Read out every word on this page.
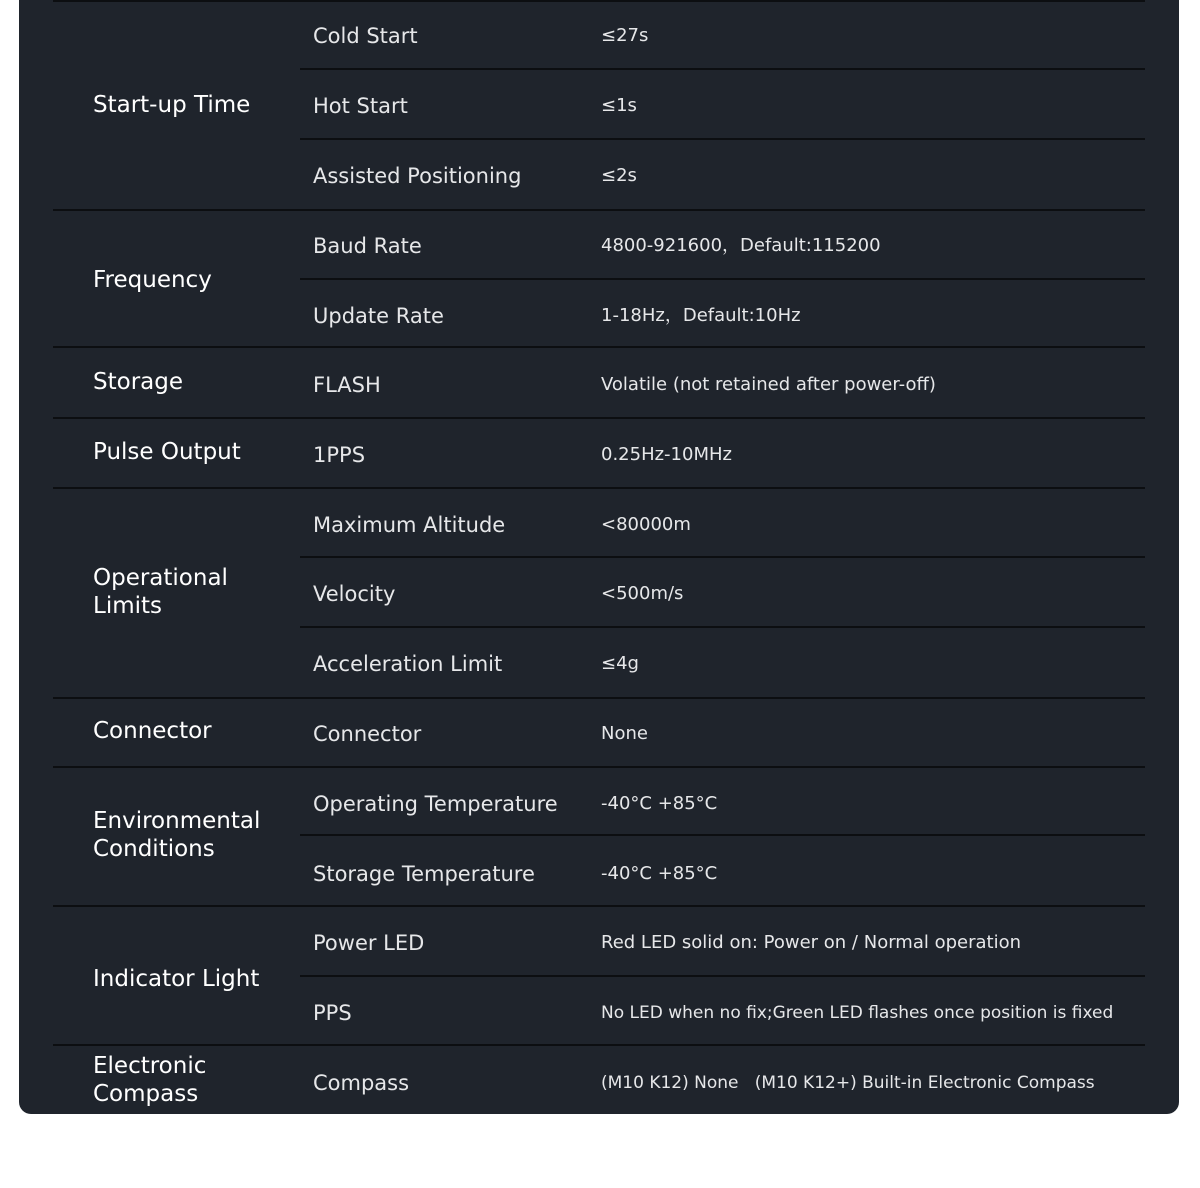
Start-up Time
Cold Start	≤27s
Hot Start	≤1s
Assisted Positioning	≤2s
Frequency
Baud Rate	4800-921600，Default:115200
Update Rate	1-18Hz，Default:10Hz
Storage	FLASH	Volatile (not retained after power-off)
Pulse Output	1PPS	0.25Hz-10MHz
Operational Limits
Maximum Altitude	<80000m
Velocity	<500m/s
Acceleration Limit	≤4g
Connector	Connector	None
Environmental Conditions
Operating Temperature -40°C +85°C
Storage Temperature	-40°C +85°C
Indicator Light
Power LED	Red LED solid on: Power on / Normal operation
PPS	No LED when no fix;Green LED flashes once position is fixed
Electronic Compass	Compass	(M10 K12) None   (M10 K12+) Built-in Electronic Compass
